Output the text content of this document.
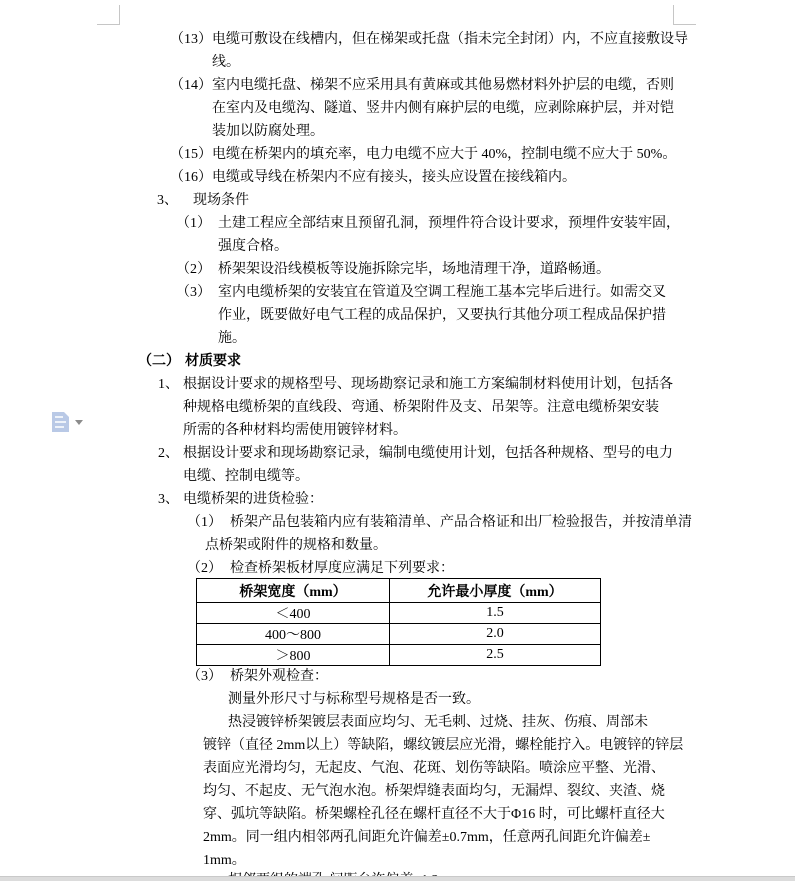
（13） 电缆可敷设在线槽内，但在梯架或托盘（指未完全封闭）内，不应直接敷设导
线。
（14） 室内电缆托盘、梯架不应采用具有黄麻或其他易燃材料外护层的电缆，否则
在室内及电缆沟、隧道、竖井内侧有麻护层的电缆，应剥除麻护层，并对铠
装加以防腐处理。
（15） 电缆在桥架内的填充率，电力电缆不应大于 40%，控制电缆不应大于 50%。
（16） 电缆或导线在桥架内不应有接头，接头应设置在接线箱内。
3、 现场条件
（1） 土建工程应全部结束且预留孔洞，预埋件符合设计要求，预埋件安装牢固，
强度合格。
（2） 桥架架设沿线模板等设施拆除完毕，场地清理干净，道路畅通。
（3） 室内电缆桥架的安装宜在管道及空调工程施工基本完毕后进行。如需交叉
作业，既要做好电气工程的成品保护，又要执行其他分项工程成品保护措
施。
（二） 材质要求
1、 根据设计要求的规格型号、现场勘察记录和施工方案编制材料使用计划，包括各
种规格电缆桥架的直线段、弯通、桥架附件及支、吊架等。注意电缆桥架安装
所需的各种材料均需使用镀锌材料。
2、 根据设计要求和现场勘察记录，编制电缆使用计划，包括各种规格、型号的电力
电缆、控制电缆等。
3、 电缆桥架的进货检验：
（1） 桥架产品包装箱内应有装箱清单、产品合格证和出厂检验报告，并按清单清
点桥架或附件的规格和数量。
（2） 检查桥架板材厚度应满足下列要求：
（3） 桥架外观检查：
测量外形尺寸与标称型号规格是否一致。
热浸镀锌桥架镀层表面应均匀、无毛刺、过烧、挂灰、伤痕、周部未
镀锌（直径 2mm以上）等缺陷，螺纹镀层应光滑，螺栓能拧入。电镀锌的锌层
表面应光滑均匀，无起皮、气泡、花斑、划伤等缺陷。喷涂应平整、光滑、
均匀、不起皮、无气泡水泡。桥架焊缝表面均匀，无漏焊、裂纹、夹渣、烧
穿、弧坑等缺陷。桥架螺栓孔径在螺杆直径不大于Φ16 时，可比螺杆直径大
2mm。同一组内相邻两孔间距允许偏差±0.7mm，任意两孔间距允许偏差±
1mm。
桥架宽度（mm）	允许最小厚度（mm）
＜400	1.5
400～800	2.0
＞800	2.5
